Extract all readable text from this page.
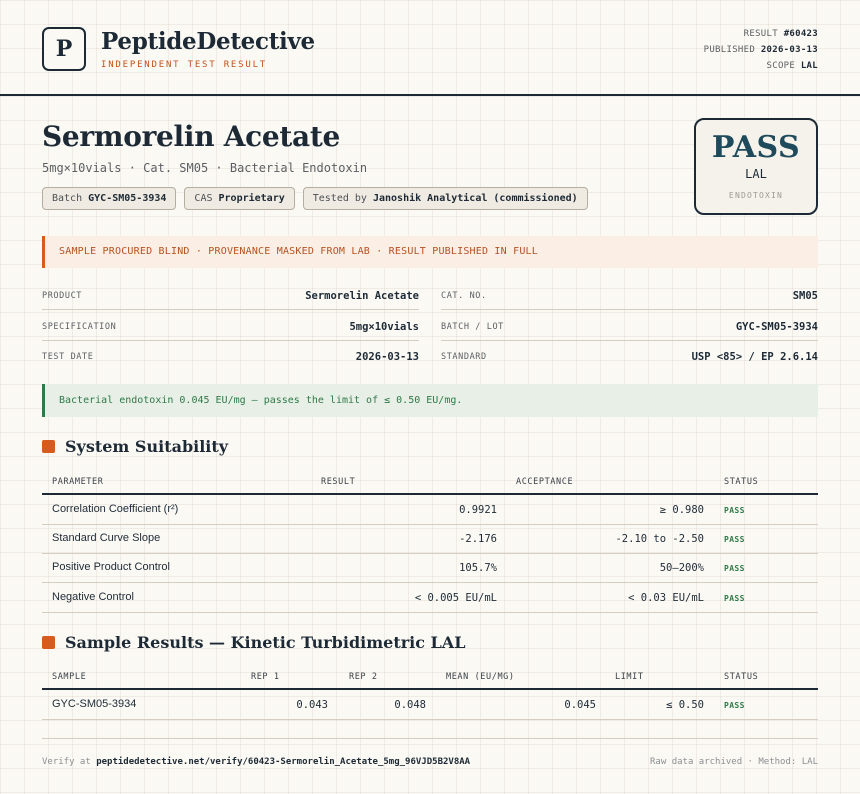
P PeptideDetective
INDEPENDENT TEST RESULT
RESULT #60423
PUBLISHED 2026-03-13
SCOPE LAL
Sermorelin Acetate
5mg×10vials · Cat. SM05 · Bacterial Endotoxin
Batch GYC-SM05-3934	CAS Proprietary	Tested by Janoshik Analytical (commissioned)
PASS
LAL
ENDOTOXIN
SAMPLE PROCURED BLIND · PROVENANCE MASKED FROM LAB · RESULT PUBLISHED IN FULL
PRODUCT	Sermorelin Acetate	CAT. NO.	SM05
SPECIFICATION	5mg×10vials	BATCH / LOT	GYC-SM05-3934
TEST DATE	2026-03-13	STANDARD	USP <85> / EP 2.6.14
Bacterial endotoxin 0.045 EU/mg — passes the limit of ≤ 0.50 EU/mg.
System Suitability
PARAMETER	RESULT	ACCEPTANCE	STATUS
Correlation Coefficient (r²)	0.9921	≥ 0.980	PASS
Standard Curve Slope	-2.176	-2.10 to -2.50	PASS
Positive Product Control	105.7%	50–200%	PASS
Negative Control	< 0.005 EU/mL	< 0.03 EU/mL	PASS
Sample Results — Kinetic Turbidimetric LAL
SAMPLE	REP 1	REP 2	MEAN (EU/MG)	LIMIT	STATUS
GYC-SM05-3934	0.043	0.048	0.045	≤ 0.50	PASS
Verify at peptidedetective.net/verify/60423-Sermorelin_Acetate_5mg_96VJD5B2V8AA	Raw data archived · Method: LAL
